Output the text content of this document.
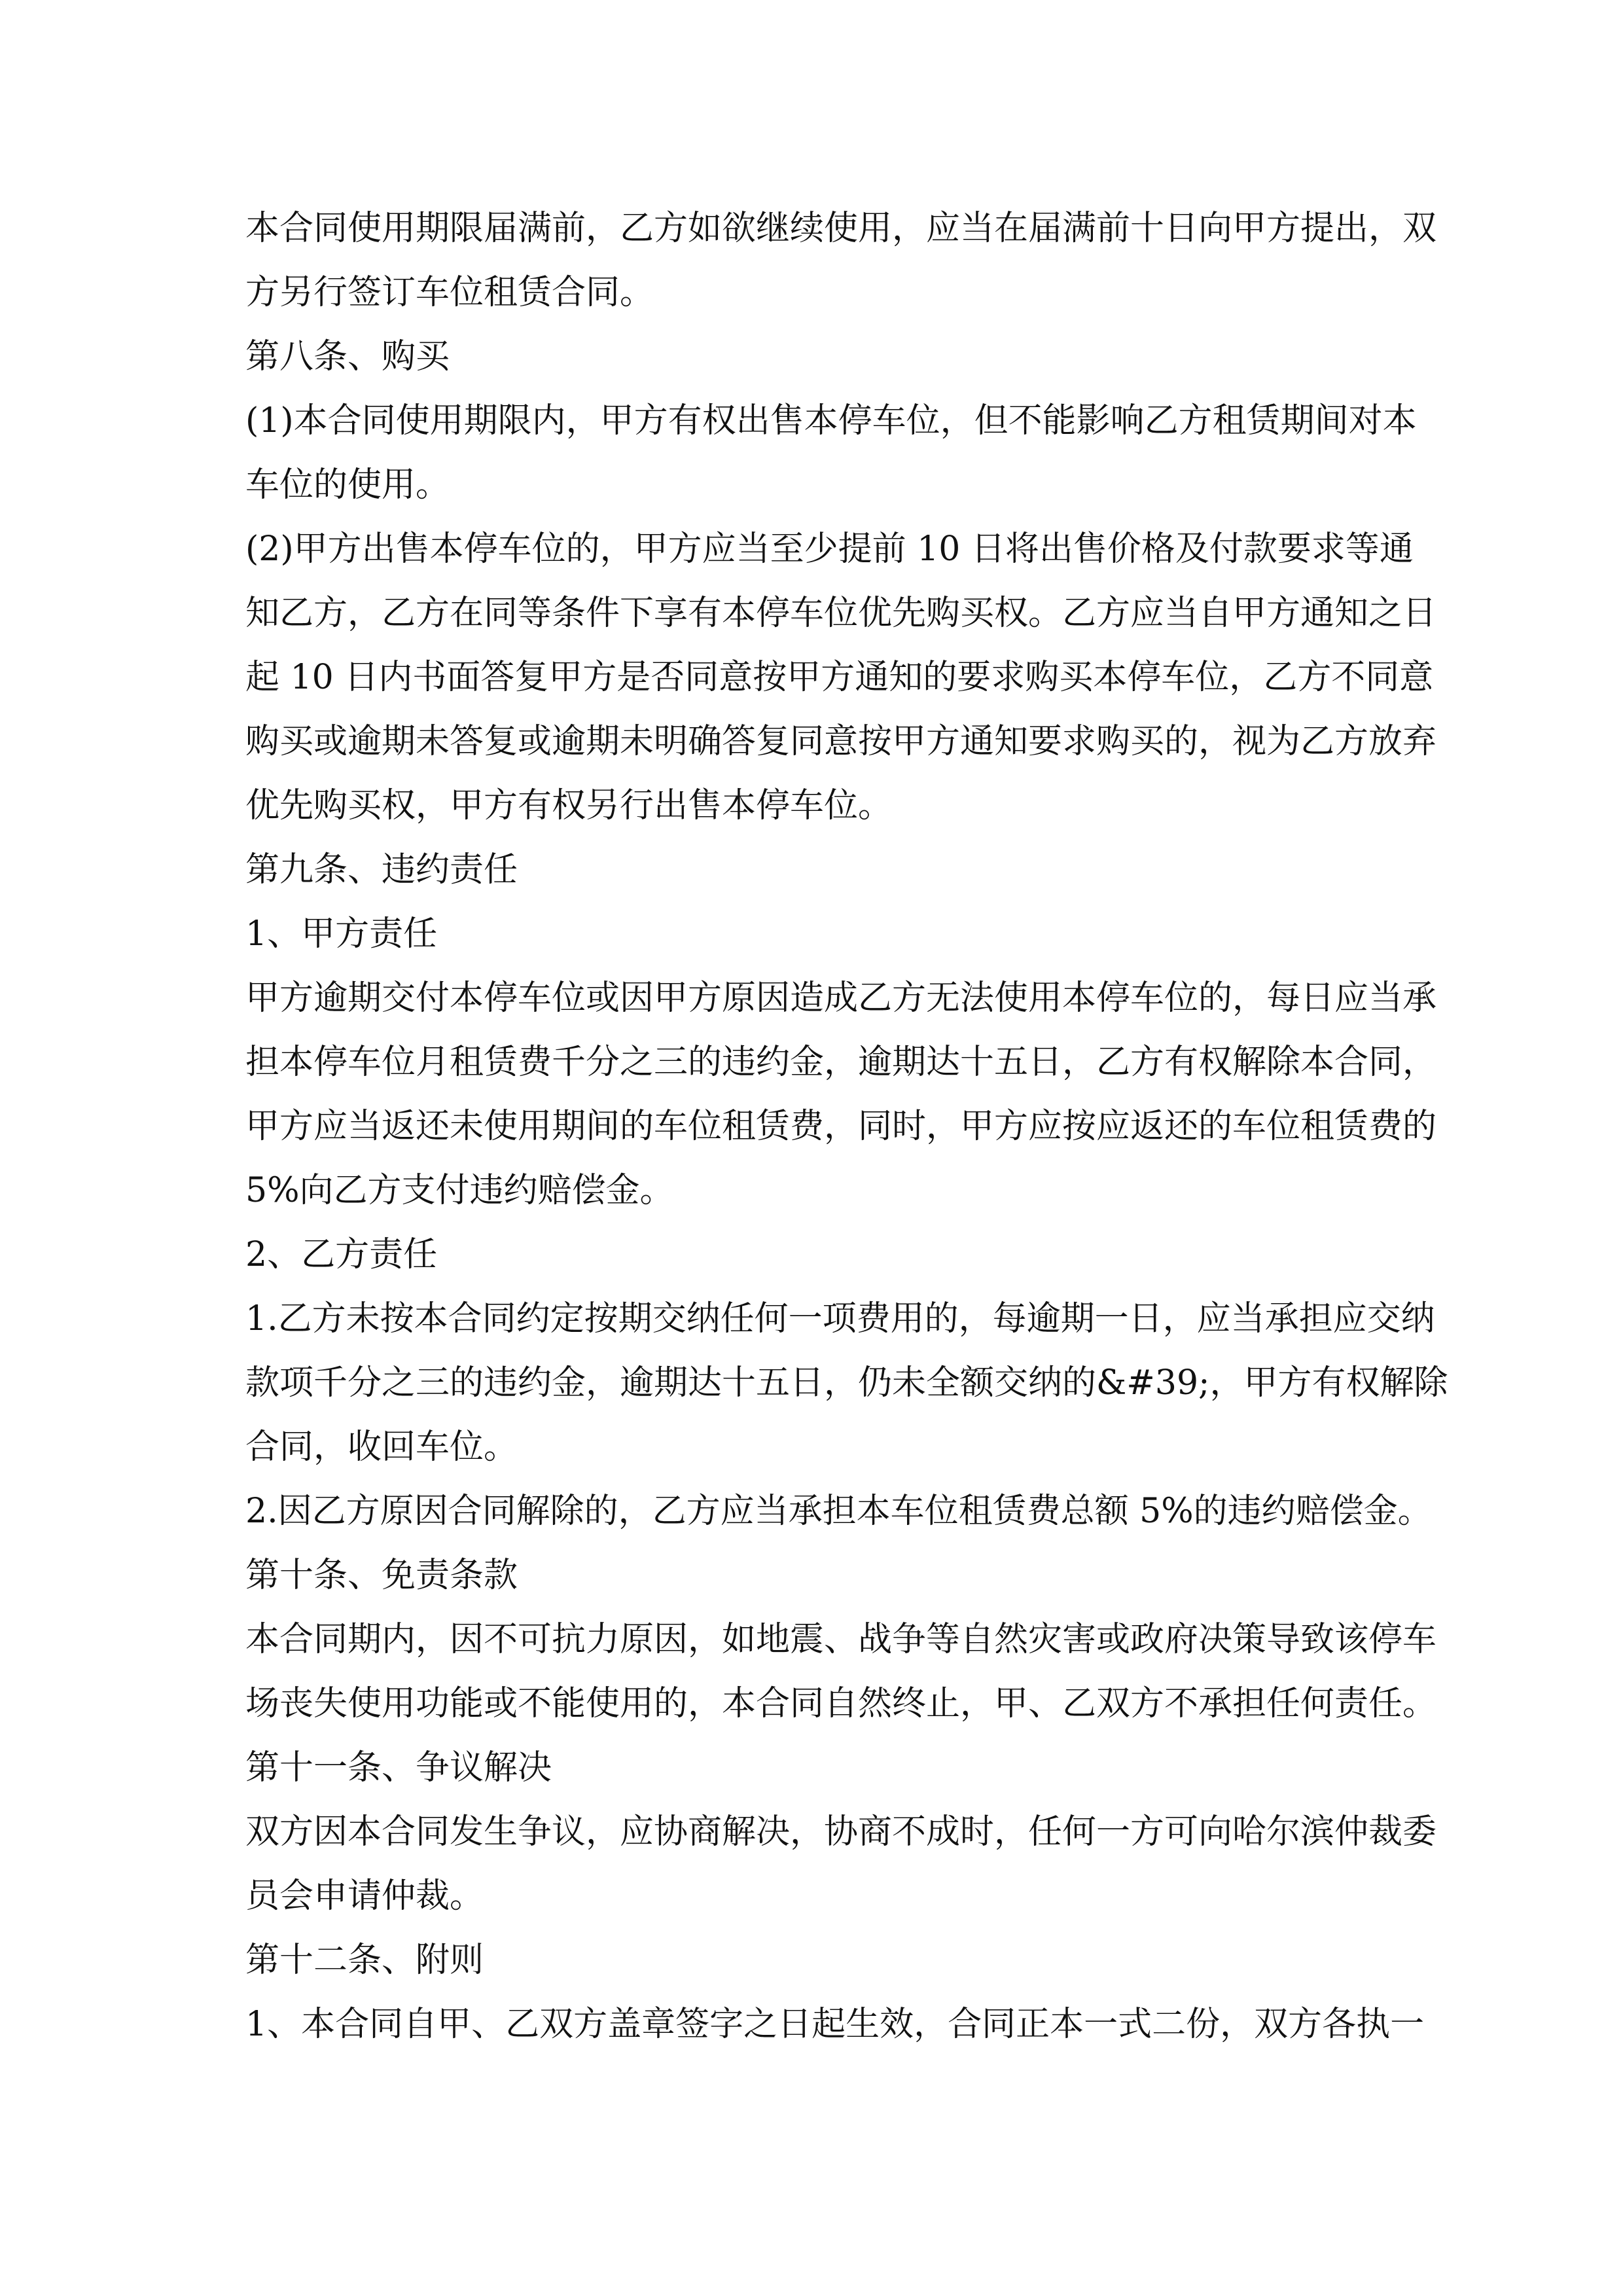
本合同使用期限届满前，乙方如欲继续使用，应当在届满前十日向甲方提出，双
方另行签订车位租赁合同。
第八条、购买
(1)本合同使用期限内，甲方有权出售本停车位，但不能影响乙方租赁期间对本
车位的使用。
(2)甲方出售本停车位的，甲方应当至少提前 10 日将出售价格及付款要求等通
知乙方，乙方在同等条件下享有本停车位优先购买权。乙方应当自甲方通知之日
起 10 日内书面答复甲方是否同意按甲方通知的要求购买本停车位，乙方不同意
购买或逾期未答复或逾期未明确答复同意按甲方通知要求购买的，视为乙方放弃
优先购买权，甲方有权另行出售本停车位。
第九条、违约责任
1、甲方责任
甲方逾期交付本停车位或因甲方原因造成乙方无法使用本停车位的，每日应当承
担本停车位月租赁费千分之三的违约金，逾期达十五日，乙方有权解除本合同，
甲方应当返还未使用期间的车位租赁费，同时，甲方应按应返还的车位租赁费的
5%向乙方支付违约赔偿金。
2、乙方责任
1.乙方未按本合同约定按期交纳任何一项费用的，每逾期一日，应当承担应交纳
款项千分之三的违约金，逾期达十五日，仍未全额交纳的&#39;，甲方有权解除
合同，收回车位。
2.因乙方原因合同解除的，乙方应当承担本车位租赁费总额 5%的违约赔偿金。
第十条、免责条款
本合同期内，因不可抗力原因，如地震、战争等自然灾害或政府决策导致该停车
场丧失使用功能或不能使用的，本合同自然终止，甲、乙双方不承担任何责任。
第十一条、争议解决
双方因本合同发生争议，应协商解决，协商不成时，任何一方可向哈尔滨仲裁委
员会申请仲裁。
第十二条、附则
1、本合同自甲、乙双方盖章签字之日起生效，合同正本一式二份，双方各执一
